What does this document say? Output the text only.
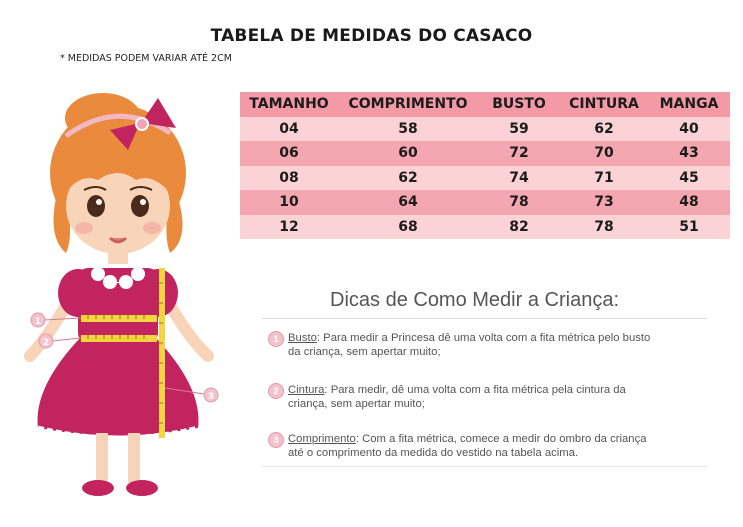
TABELA DE MEDIDAS DO CASACO
* MEDIDAS PODEM VARIAR ATÉ 2CM
1
2
3
TAMANHO	COMPRIMENTO	BUSTO	CINTURA	MANGA
04	58	59	62	40
06	60	72	70	43
08	62	74	71	45
10	64	78	73	48
12	68	82	78	51
Dicas de Como Medir a Criança:
1 Busto: Para medir a Princesa dê uma volta com a fita métrica pelo busto
da criança, sem apertar muito;
2 Cintura: Para medir, dê uma volta com a fita métrica pela cintura da
criança, sem apertar muito;
3 Comprimento: Com a fita métrica, comece a medir do ombro da criança
até o comprimento da medida do vestido na tabela acima.
